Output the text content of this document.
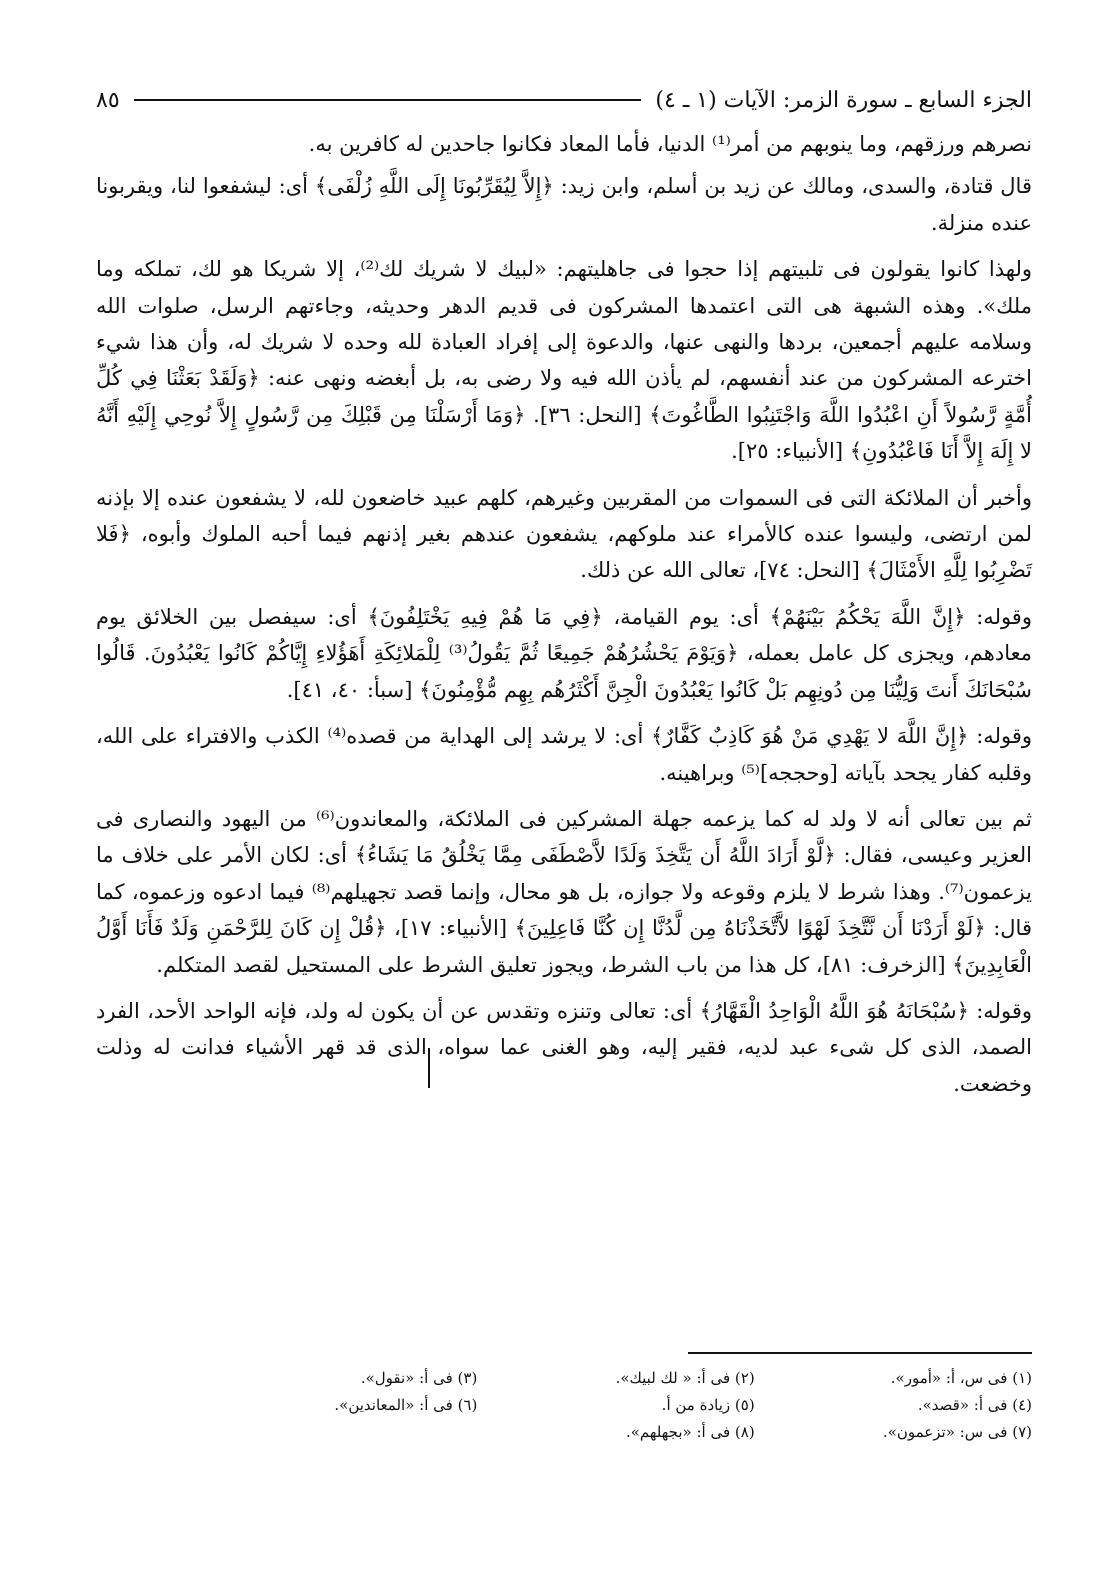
الجزء السابع ـ سورة الزمر: الآيات (١ ـ ٤)
٨٥

نصرهم ورزقهم، وما ينوبهم من أمر⁽¹⁾ الدنيا، فأما المعاد فكانوا جاحدين له كافرين به.

قال قتادة، والسدى، ومالك عن زيد بن أسلم، وابن زيد: ﴿إِلاَّ لِيُقَرِّبُونَا إِلَى اللَّهِ زُلْفَى﴾ أى: ليشفعوا لنا، ويقربونا عنده منزلة.

ولهذا كانوا يقولون فى تلبيتهم إذا حجوا فى جاهليتهم: «لبيك لا شريك لك⁽²⁾، إلا شريكا هو لك، تملكه وما ملك». وهذه الشبهة هى التى اعتمدها المشركون فى قديم الدهر وحديثه، وجاءتهم الرسل، صلوات الله وسلامه عليهم أجمعين، بردها والنهى عنها، والدعوة إلى إفراد العبادة لله وحده لا شريك له، وأن هذا شيء اخترعه المشركون من عند أنفسهم، لم يأذن الله فيه ولا رضى به، بل أبغضه ونهى عنه: ﴿وَلَقَدْ بَعَثْنَا فِي كُلِّ أُمَّةٍ رَّسُولاً أَنِ اعْبُدُوا اللَّهَ وَاجْتَنِبُوا الطَّاغُوتَ﴾ [النحل: ٣٦]. ﴿وَمَا أَرْسَلْنَا مِن قَبْلِكَ مِن رَّسُولٍ إِلاَّ نُوحِي إِلَيْهِ أَنَّهُ لا إِلَهَ إِلاَّ أَنَا فَاعْبُدُونِ﴾ [الأنبياء: ٢٥].

وأخبر أن الملائكة التى فى السموات من المقربين وغيرهم، كلهم عبيد خاضعون لله، لا يشفعون عنده إلا بإذنه لمن ارتضى، وليسوا عنده كالأمراء عند ملوكهم، يشفعون عندهم بغير إذنهم فيما أحبه الملوك وأبوه، ﴿فَلا تَضْرِبُوا لِلَّهِ الأَمْثَالَ﴾ [النحل: ٧٤]، تعالى الله عن ذلك.

وقوله: ﴿إِنَّ اللَّهَ يَحْكُمُ بَيْنَهُمْ﴾ أى: يوم القيامة، ﴿فِي مَا هُمْ فِيهِ يَخْتَلِفُونَ﴾ أى: سيفصل بين الخلائق يوم معادهم، ويجزى كل عامل بعمله، ﴿وَيَوْمَ يَحْشُرُهُمْ جَمِيعًا ثُمَّ يَقُولُ⁽³⁾ لِلْمَلائِكَةِ أَهَؤُلاءِ إِيَّاكُمْ كَانُوا يَعْبُدُونَ. قَالُوا سُبْحَانَكَ أَنتَ وَلِيُّنَا مِن دُونِهِم بَلْ كَانُوا يَعْبُدُونَ الْجِنَّ أَكْثَرُهُم بِهِم مُّؤْمِنُونَ﴾ [سبأ: ٤٠، ٤١].

وقوله: ﴿إِنَّ اللَّهَ لا يَهْدِي مَنْ هُوَ كَاذِبٌ كَفَّارٌ﴾ أى: لا يرشد إلى الهداية من قصده⁽⁴⁾ الكذب والافتراء على الله، وقلبه كفار يجحد بآياته [وحججه]⁽⁵⁾ وبراهينه.

ثم بين تعالى أنه لا ولد له كما يزعمه جهلة المشركين فى الملائكة، والمعاندون⁽⁶⁾ من اليهود والنصارى فى العزير وعيسى، فقال: ﴿لَّوْ أَرَادَ اللَّهُ أَن يَتَّخِذَ وَلَدًا لاَّصْطَفَى مِمَّا يَخْلُقُ مَا يَشَاءُ﴾ أى: لكان الأمر على خلاف ما يزعمون⁽⁷⁾. وهذا شرط لا يلزم وقوعه ولا جوازه، بل هو محال، وإنما قصد تجهيلهم⁽⁸⁾ فيما ادعوه وزعموه، كما قال: ﴿لَوْ أَرَدْنَا أَن نَّتَّخِذَ لَهْوًا لاَّتَّخَذْنَاهُ مِن لَّدُنَّا إِن كُنَّا فَاعِلِينَ﴾ [الأنبياء: ١٧]، ﴿قُلْ إِن كَانَ لِلرَّحْمَنِ وَلَدٌ فَأَنَا أَوَّلُ الْعَابِدِينَ﴾ [الزخرف: ٨١]، كل هذا من باب الشرط، ويجوز تعليق الشرط على المستحيل لقصد المتكلم.

وقوله: ﴿سُبْحَانَهُ هُوَ اللَّهُ الْوَاحِدُ الْقَهَّارُ﴾ أى: تعالى وتنزه وتقدس عن أن يكون له ولد، فإنه الواحد الأحد، الفرد الصمد، الذى كل شىء عبد لديه، فقير إليه، وهو الغنى عما سواه، الذى قد قهر الأشياء فدانت له وذلت وخضعت.

(١) فى س، أ: «أمور».
(٢) فى أ: « لك لبيك».
(٣) فى أ: «نقول».
(٤) فى أ: «قصد».
(٥) زيادة من أ.
(٦) فى أ: «المعاندين».
(٧) فى س: «تزعمون».
(٨) فى أ: «بجهلهم».
